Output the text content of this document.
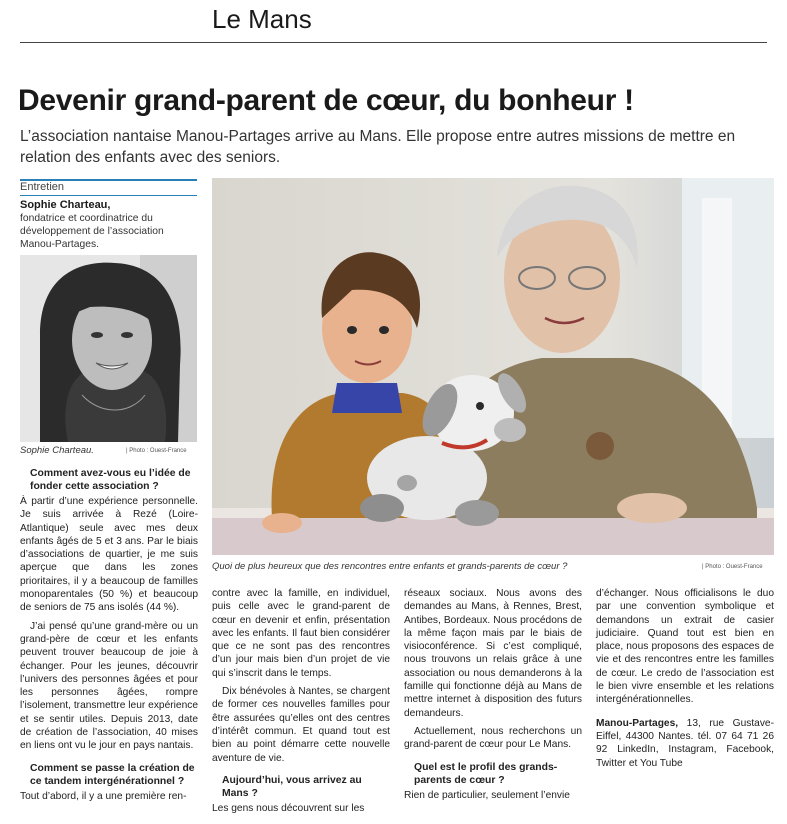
Le Mans
Devenir grand-parent de cœur, du bonheur !
L’association nantaise Manou-Partages arrive au Mans. Elle propose entre autres missions de mettre en relation des enfants avec des seniors.
Entretien
Sophie Charteau,
fondatrice et coordinatrice du développement de l’association Manou-Partages.
Sophie Charteau.	| Photo : Ouest-France
Quoi de plus heureux que des rencontres entre enfants et grands-parents de cœur ?	| Photo : Ouest-France
Comment avez-vous eu l’idée de fonder cette association ?

À partir d’une expérience personnelle. Je suis arrivée à Rezé (Loire-Atlantique) seule avec mes deux enfants âgés de 5 et 3 ans. Par le biais d’associations de quartier, je me suis aperçue que dans les zones prioritaires, il y a beaucoup de familles monoparentales (50 %) et beaucoup de seniors de 75 ans isolés (44 %).

J’ai pensé qu’une grand-mère ou un grand-père de cœur et les enfants peuvent trouver beaucoup de joie à échanger. Pour les jeunes, découvrir l’univers des personnes âgées et pour les personnes âgées, rompre l’isolement, transmettre leur expérience et se sentir utiles. Depuis 2013, date de création de l’association, 40 mises en liens ont vu le jour en pays nantais.

Comment se passe la création de ce tandem intergénérationnel ?

Tout d’abord, il y a une première ren-

contre avec la famille, en individuel, puis celle avec le grand-parent de cœur en devenir et enfin, présentation avec les enfants. Il faut bien considérer que ce ne sont pas des rencontres d’un jour mais bien d’un projet de vie qui s’inscrit dans le temps.

Dix bénévoles à Nantes, se chargent de former ces nouvelles familles pour être assurées qu’elles ont des centres d’intérêt commun. Et quand tout est bien au point démarre cette nouvelle aventure de vie.

Aujourd’hui, vous arrivez au Mans ?

Les gens nous découvrent sur les

réseaux sociaux. Nous avons des demandes au Mans, à Rennes, Brest, Antibes, Bordeaux. Nous procédons de la même façon mais par le biais de visioconférence. Si c’est compliqué, nous trouvons un relais grâce à une association ou nous demanderons à la famille qui fonctionne déjà au Mans de mettre internet à disposition des futurs demandeurs.

Actuellement, nous recherchons un grand-parent de cœur pour Le Mans.

Quel est le profil des grands-parents de cœur ?

Rien de particulier, seulement l’envie

d’échanger. Nous officialisons le duo par une convention symbolique et demandons un extrait de casier judiciaire. Quand tout est bien en place, nous proposons des espaces de vie et des rencontres entre les familles de cœur. Le credo de l’association est le bien vivre ensemble et les relations intergénérationnelles.

Manou-Partages, 13, rue Gustave-Eiffel, 44300 Nantes. tél. 07 64 71 26 92 LinkedIn, Instagram, Facebook, Twitter et You Tube
